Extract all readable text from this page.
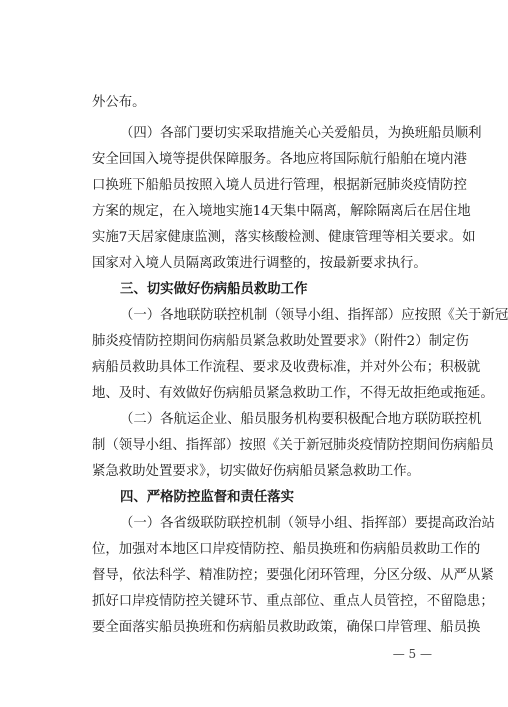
外公布。
（四）各部门要切实采取措施关心关爱船员，为换班船员顺利
安全回国入境等提供保障服务。各地应将国际航行船舶在境内港
口换班下船船员按照入境人员进行管理，根据新冠肺炎疫情防控
方案的规定，在入境地实施14天集中隔离，解除隔离后在居住地
实施7天居家健康监测，落实核酸检测、健康管理等相关要求。如
国家对入境人员隔离政策进行调整的，按最新要求执行。
三、切实做好伤病船员救助工作
（一）各地联防联控机制（领导小组、指挥部）应按照《关于新冠
肺炎疫情防控期间伤病船员紧急救助处置要求》（附件2）制定伤
病船员救助具体工作流程、要求及收费标准，并对外公布；积极就
地、及时、有效做好伤病船员紧急救助工作，不得无故拒绝或拖延。
（二）各航运企业、船员服务机构要积极配合地方联防联控机
制（领导小组、指挥部）按照《关于新冠肺炎疫情防控期间伤病船员
紧急救助处置要求》，切实做好伤病船员紧急救助工作。
四、严格防控监督和责任落实
（一）各省级联防联控机制（领导小组、指挥部）要提高政治站
位，加强对本地区口岸疫情防控、船员换班和伤病船员救助工作的
督导，依法科学、精准防控；要强化闭环管理，分区分级、从严从紧
抓好口岸疫情防控关键环节、重点部位、重点人员管控，不留隐患；
要全面落实船员换班和伤病船员救助政策，确保口岸管理、船员换
— 5 —
